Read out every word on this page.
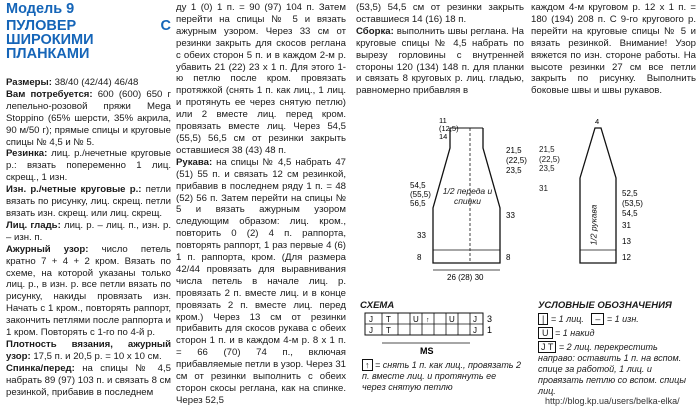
Модель 9
ПУЛОВЕР С ШИРОКИМИ ПЛАНКАМИ

Размеры: 38/40 (42/44) 46/48

Вам потребуется: 600 (600) 650 г лепельно-розовой пряжи Mega Stoppino (65% шерсти, 35% акрила, 90 м/50 г); прямые спицы и круговые спицы № 4,5 и № 5.

Резинка: лиц. р./нечетные круговые р.: вязать попеременно 1 лиц. скрещ., 1 изн.

Изн. р./четные круговые р.: петли вязать по рисунку, лиц. скрещ. петли вязать изн. скрещ. или лиц. скрещ.

Лиц. гладь: лиц. р. – лиц. п., изн. р. – изн. п.

Ажурный узор: число петель кратно 7 + 4 + 2 кром. Вязать по схеме, на которой указаны только лиц. р., в изн. р. все петли вязать по рисунку, накиды провязать изн. Начать с 1 кром., повторять раппорт, закончить петлями после раппорта и 1 кром. Повторять с 1-го по 4-й р.

Плотность вязания, ажурный узор: 17,5 п. и 20,5 р. = 10 х 10 см.

Спинка/перед: на спицы № 4,5 набрать 89 (97) 103 п. и связать 8 см резинкой, прибавив в последнем

ду 1 (0) 1 п. = 90 (97) 104 п. Затем перейти на спицы № 5 и вязать ажурным узором. Через 33 см от резинки закрыть для скосов реглана с обеих сторон 5 п. и в каждом 2-м р. убавить 21 (22) 23 х 1 п. Для этого 1-ю петлю после кром. провязать протяжкой (снять 1 п. как лиц., 1 лиц. и протянуть ее через снятую петлю) или 2 вместе лиц. перед кром. провязать вместе лиц. Через 54,5 (55,5) 56,5 см от резинки закрыть оставшиеся 38 (43) 48 п.

Рукава: на спицы № 4,5 набрать 47 (51) 55 п. и связать 12 см резинкой, прибавив в последнем ряду 1 п. = 48 (52) 56 п. Затем перейти на спицы № 5 и вязать ажурным узором следующим образом: лиц. кром., повторить 0 (2) 4 п. раппорта, повторять раппорт, 1 раз первые 4 (6) 1 п. раппорта, кром. (Для размера 42/44 провязать для выравнивания числа петель в начале лиц. р. провязать 2 п. вместе лиц. и в конце провязать 2 п. вместе лиц. перед кром.) Через 13 см от резинки прибавить для скосов рукава с обеих сторон 1 п. и в каждом 4-м р. 8 х 1 п. = 66 (70) 74 п., включая прибавляемые петли в узор. Через 31 см от резинки выполнить с обеих сторон скосы реглана, как на спинке. Через 52,5

(53,5) 54,5 см от резинки закрыть оставшиеся 14 (16) 18 п.

Сборка: выполнить швы реглана. На круговые спицы № 4,5 набрать по вырезу горловины с внутренней стороны 120 (134) 148 п. для планки и связать 8 круговых р. лиц. гладью, равномерно прибавляя в

каждом 4-м круговом р. 12 х 1 п. = 180 (194) 208 п. С 9-го кругового р. перейти на круговые спицы № 5 и вязать резинкой. Внимание! Узор вяжется по изн. стороне работы. На высоте резинки 27 см все петли закрыть по рисунку. Выполнить боковые швы и швы рукавов.

11
(12,5)
14
54,5
(55,5)
56,5
33
8
21,5
(22,5)
23,5
33
8
26 (28) 30
1/2 переда и спинки
4
52,5
(53,5)
54,5
31
13
12
21,5
(22,5)
23,5
31
1/2 рукава
СХЕМА
J T	U ↑ U J
J T	J
3
1
MS
↑ = снять 1 п. как лиц., провязать 2 п. вместе лиц. и протянуть ее через снятую петлю
УСЛОВНЫЕ ОБОЗНАЧЕНИЯ
| = 1 лиц. – = 1 изн.
U = 1 накид
J T = 2 лиц. перекрестить направо: оставить 1 п. на вспом. спице за работой, 1 лиц. и провязать петлю со вспом. спицы лиц.
http://blog.kp.ua/users/belka-elka/
